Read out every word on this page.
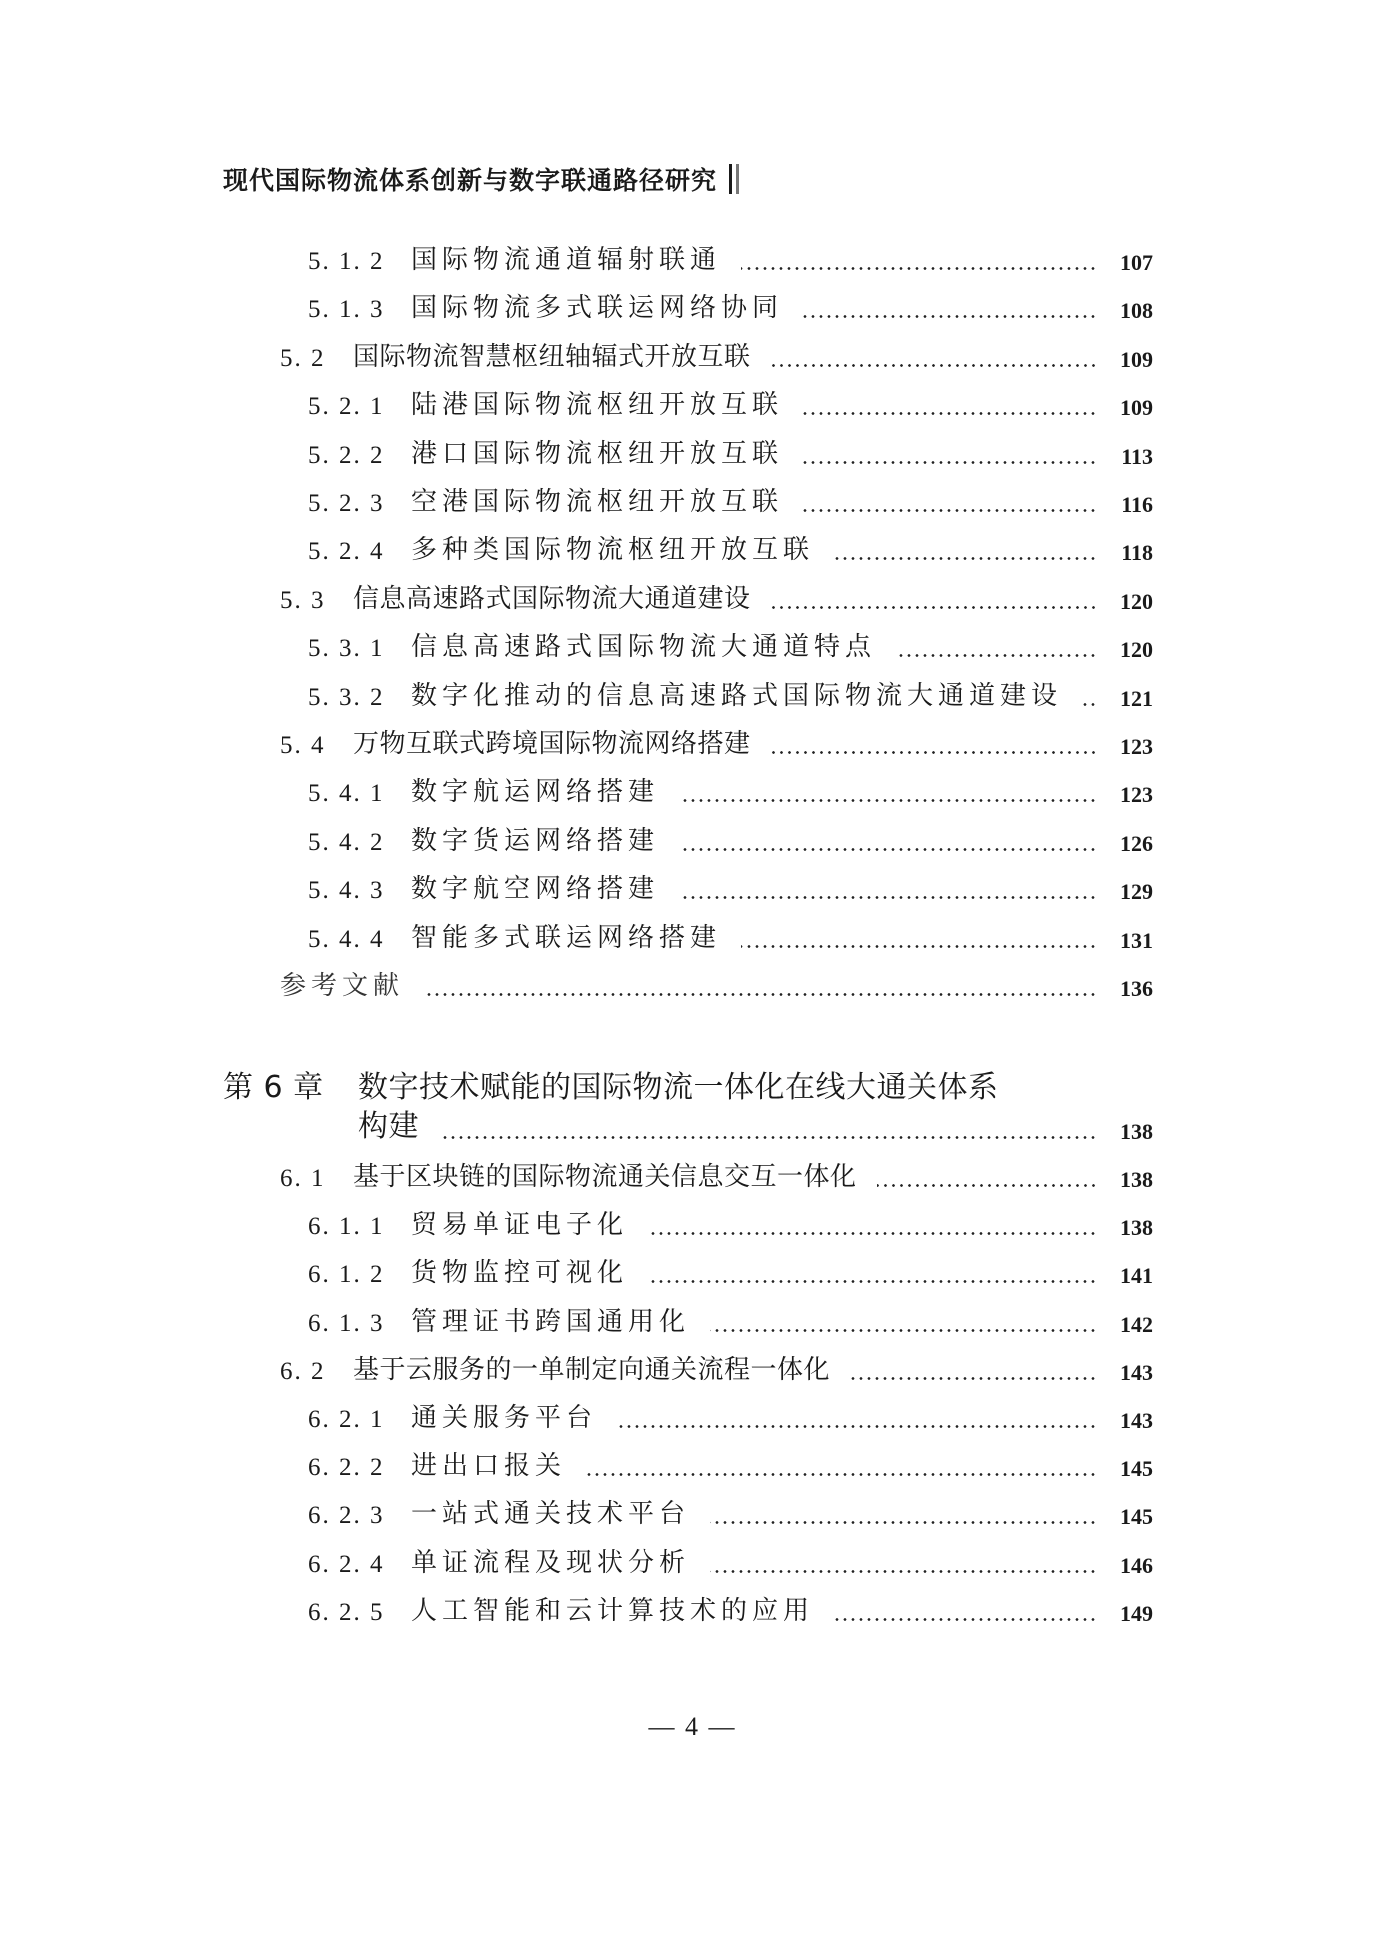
现代国际物流体系创新与数字联通路径研究
5. 1. 2	国际物流通道辐射联通	107
5. 1. 3	国际物流多式联运网络协同	108
5. 2	国际物流智慧枢纽轴辐式开放互联	109
5. 2. 1	陆港国际物流枢纽开放互联	109
5. 2. 2	港口国际物流枢纽开放互联	113
5. 2. 3	空港国际物流枢纽开放互联	116
5. 2. 4	多种类国际物流枢纽开放互联	118
5. 3	信息高速路式国际物流大通道建设	120
5. 3. 1	信息高速路式国际物流大通道特点	120
5. 3. 2	数字化推动的信息高速路式国际物流大通道建设	121
5. 4	万物互联式跨境国际物流网络搭建	123
5. 4. 1	数字航运网络搭建	123
5. 4. 2	数字货运网络搭建	126
5. 4. 3	数字航空网络搭建	129
5. 4. 4	智能多式联运网络搭建	131
参考文献	136
第 6 章 数字技术赋能的国际物流一体化在线大通关体系
构建	138
6. 1	基于区块链的国际物流通关信息交互一体化	138
6. 1. 1	贸易单证电子化	138
6. 1. 2	货物监控可视化	141
6. 1. 3	管理证书跨国通用化	142
6. 2	基于云服务的一单制定向通关流程一体化	143
6. 2. 1	通关服务平台	143
6. 2. 2	进出口报关	145
6. 2. 3	一站式通关技术平台	145
6. 2. 4	单证流程及现状分析	146
6. 2. 5	人工智能和云计算技术的应用	149
— 4 —
